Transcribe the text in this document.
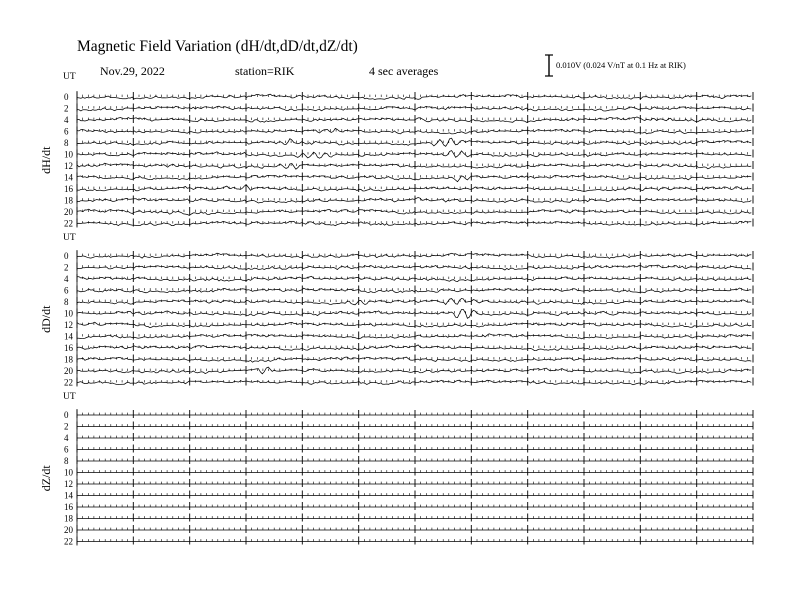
Magnetic Field Variation (dH/dt,dD/dt,dZ/dt)
Nov.29, 2022	station=RIK	4 sec averages	0.010V (0.024 V/nT at 0.1 Hz at RIK)
UT
dH/dt
0
2
4
6
8
10
12
14
16
18
20
22
UT
dD/dt
0
2
4
6
8
10
12
14
16
18
20
22
UT
dZ/dt
0
2
4
6
8
10
12
14
16
18
20
22
